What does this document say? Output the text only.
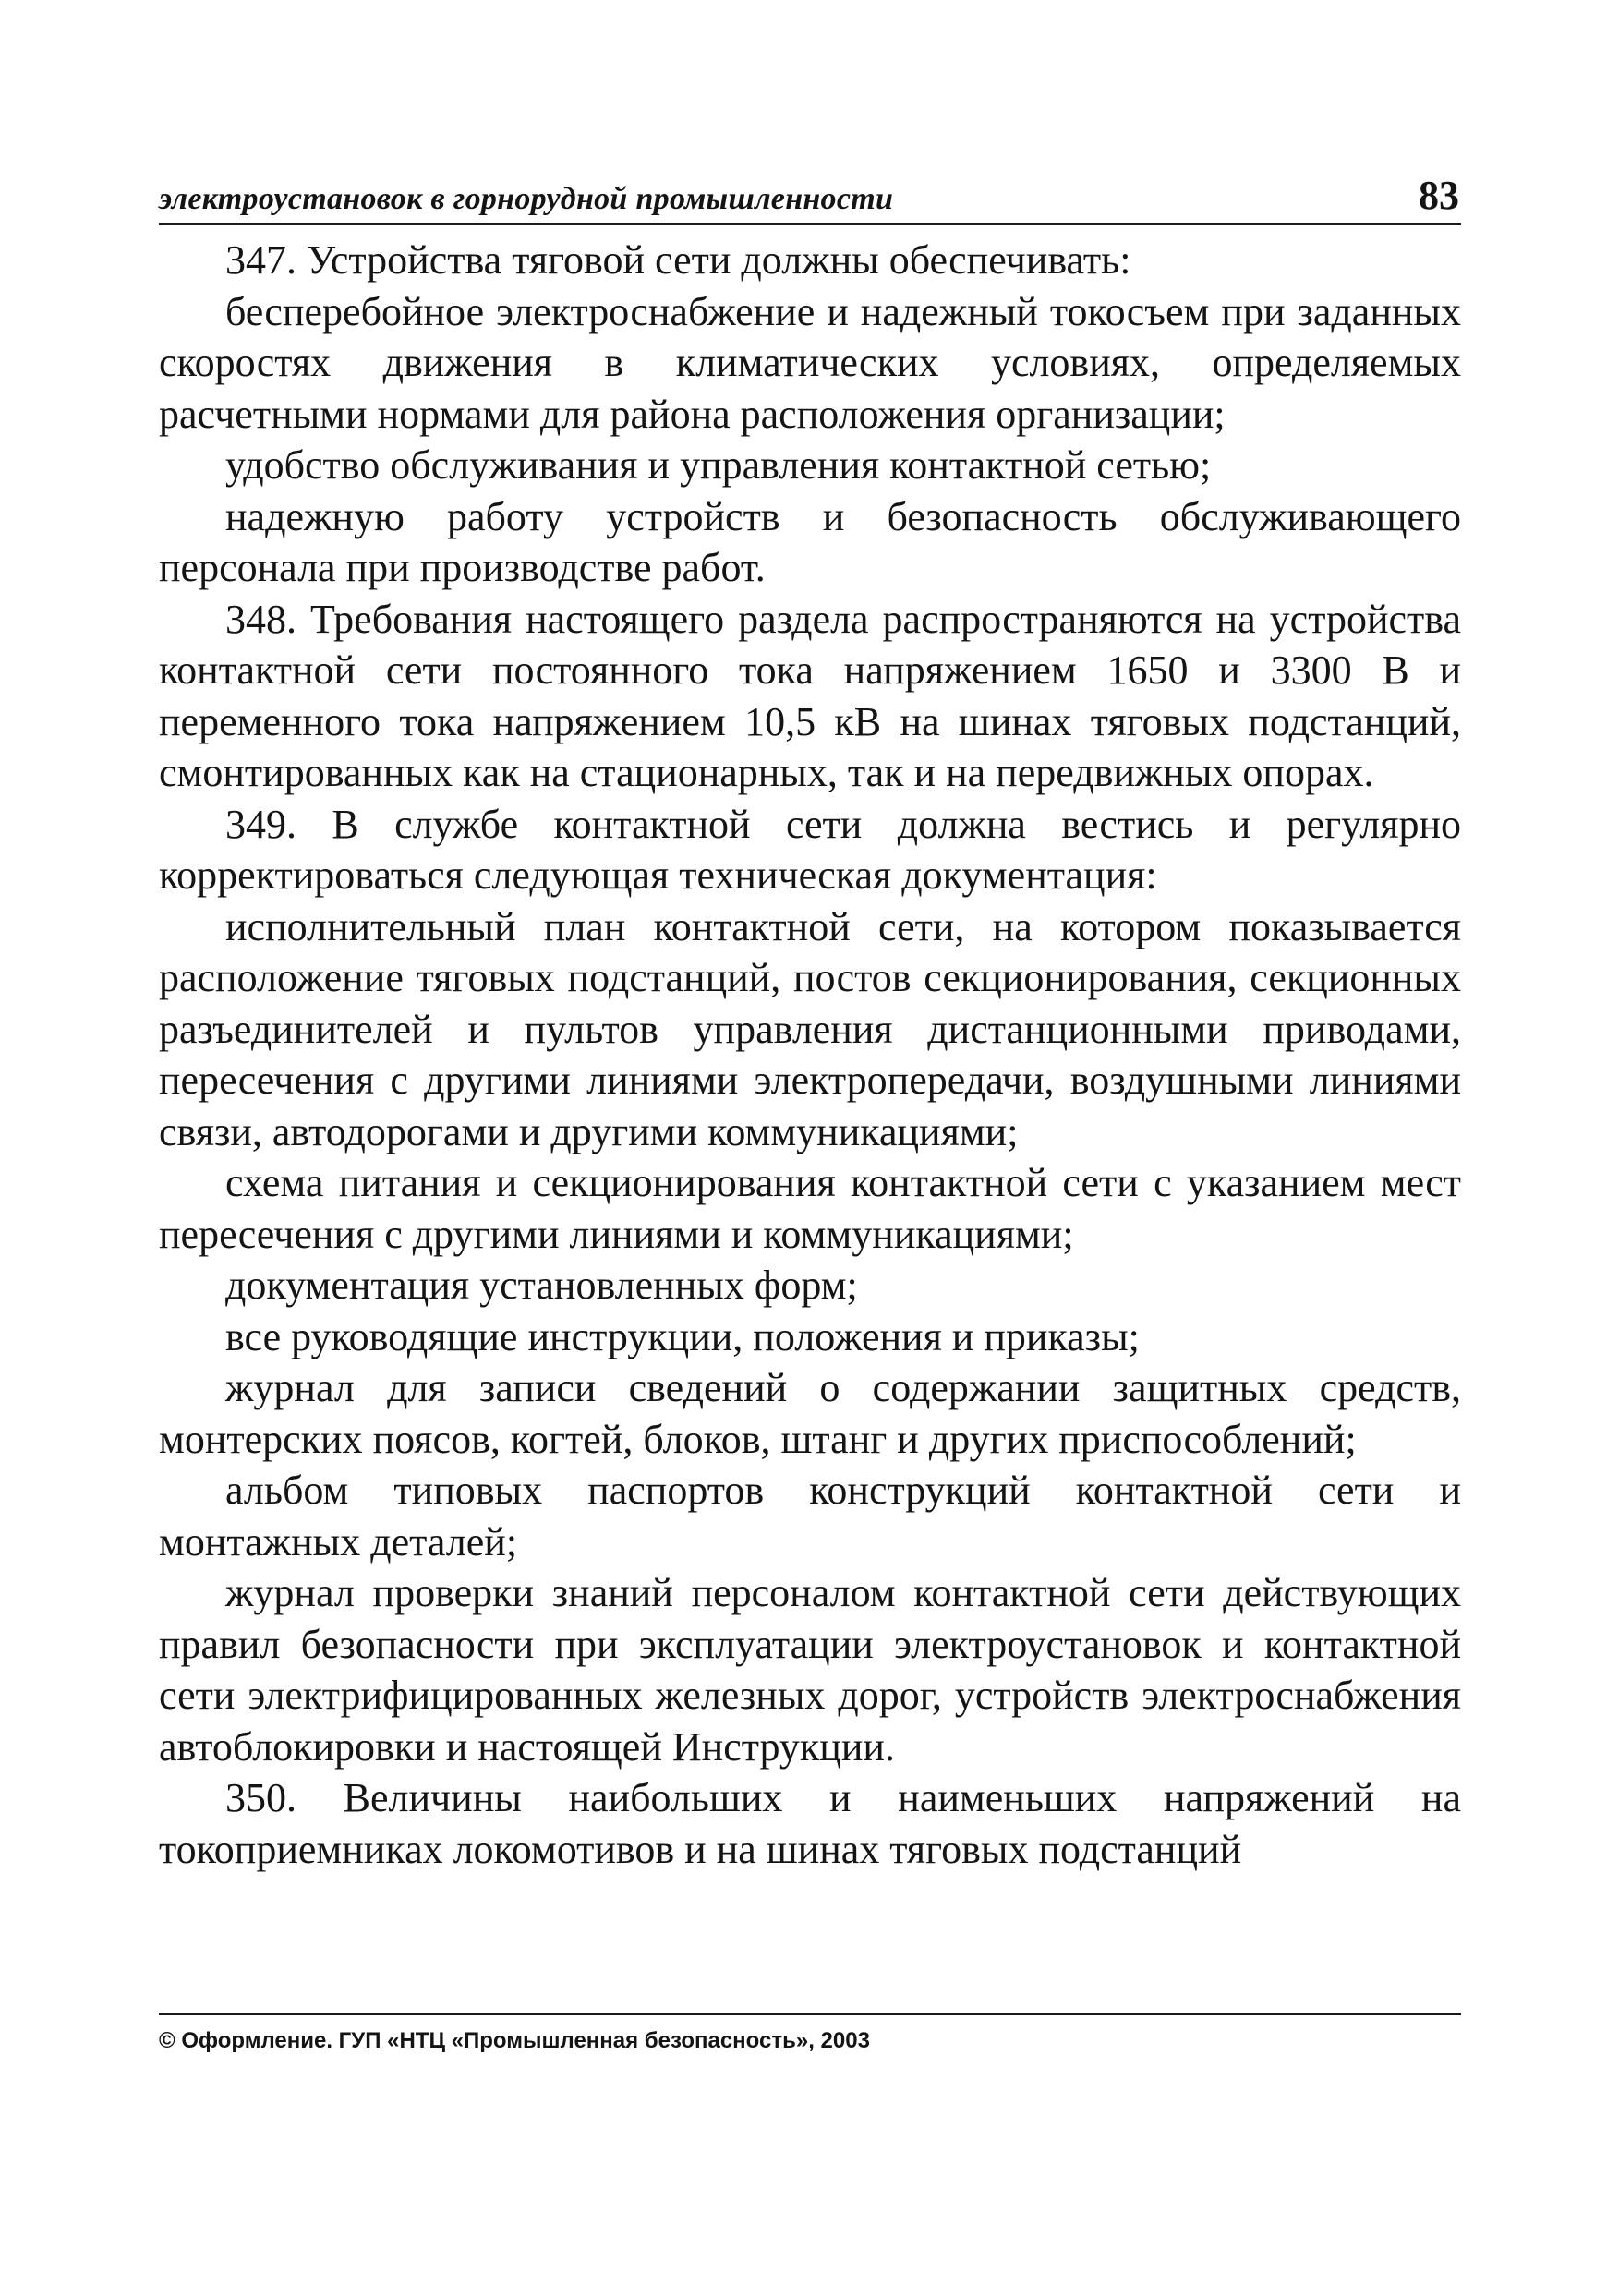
электроустановок в горнорудной промышленности	83

347. Устройства тяговой сети должны обеспечивать:

бесперебойное электроснабжение и надежный токосъем при заданных скоростях движения в климатических условиях, определяемых расчетными нормами для района расположения организации;

удобство обслуживания и управления контактной сетью;

надежную работу устройств и безопасность обслуживающего персонала при производстве работ.

348. Требования настоящего раздела распространяются на устройства контактной сети постоянного тока напряжением 1650 и 3300 В и переменного тока напряжением 10,5 кВ на шинах тяговых подстанций, смонтированных как на стационарных, так и на передвижных опорах.

349. В службе контактной сети должна вестись и регулярно корректироваться следующая техническая документация:

исполнительный план контактной сети, на котором показывается расположение тяговых подстанций, постов секционирования, секционных разъединителей и пультов управления дистанционными приводами, пересечения с другими линиями электропередачи, воздушными линиями связи, автодорогами и другими коммуникациями;

схема питания и секционирования контактной сети с указанием мест пересечения с другими линиями и коммуникациями;

документация установленных форм;

все руководящие инструкции, положения и приказы;

журнал для записи сведений о содержании защитных средств, монтерских поясов, когтей, блоков, штанг и других приспособлений;

альбом типовых паспортов конструкций контактной сети и монтажных деталей;

журнал проверки знаний персоналом контактной сети действующих правил безопасности при эксплуатации электроустановок и контактной сети электрифицированных железных дорог, устройств электроснабжения автоблокировки и настоящей Инструкции.

350. Величины наибольших и наименьших напряжений на токоприемниках локомотивов и на шинах тяговых подстанций

© Оформление. ГУП «НТЦ «Промышленная безопасность», 2003
